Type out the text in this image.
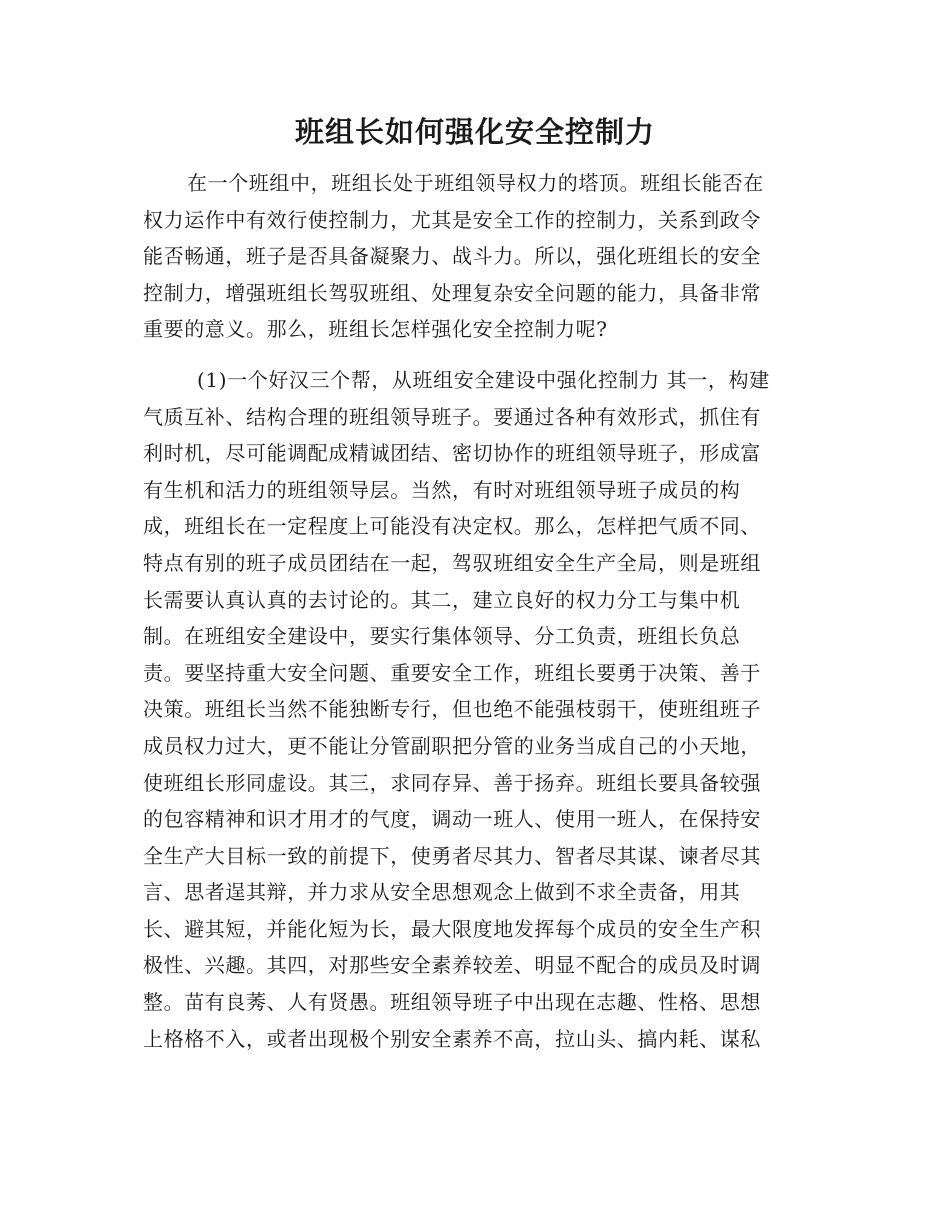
班组长如何强化安全控制力
在一个班组中，班组长处于班组领导权力的塔顶。班组长能否在
权力运作中有效行使控制力，尤其是安全工作的控制力，关系到政令
能否畅通，班子是否具备凝聚力、战斗力。所以，强化班组长的安全
控制力，增强班组长驾驭班组、处理复杂安全问题的能力，具备非常
重要的意义。那么，班组长怎样强化安全控制力呢?
(1)一个好汉三个帮，从班组安全建设中强化控制力 其一，构建
气质互补、结构合理的班组领导班子。要通过各种有效形式，抓住有
利时机，尽可能调配成精诚团结、密切协作的班组领导班子，形成富
有生机和活力的班组领导层。当然，有时对班组领导班子成员的构
成，班组长在一定程度上可能没有决定权。那么，怎样把气质不同、
特点有别的班子成员团结在一起，驾驭班组安全生产全局，则是班组
长需要认真认真的去讨论的。其二，建立良好的权力分工与集中机
制。在班组安全建设中，要实行集体领导、分工负责，班组长负总
责。要坚持重大安全问题、重要安全工作，班组长要勇于决策、善于
决策。班组长当然不能独断专行，但也绝不能强枝弱干，使班组班子
成员权力过大，更不能让分管副职把分管的业务当成自己的小天地，
使班组长形同虚设。其三，求同存异、善于扬弃。班组长要具备较强
的包容精神和识才用才的气度，调动一班人、使用一班人，在保持安
全生产大目标一致的前提下，使勇者尽其力、智者尽其谋、谏者尽其
言、思者逞其辩，并力求从安全思想观念上做到不求全责备，用其
长、避其短，并能化短为长，最大限度地发挥每个成员的安全生产积
极性、兴趣。其四，对那些安全素养较差、明显不配合的成员及时调
整。苗有良莠、人有贤愚。班组领导班子中出现在志趣、性格、思想
上格格不入，或者出现极个别安全素养不高，拉山头、搞内耗、谋私
